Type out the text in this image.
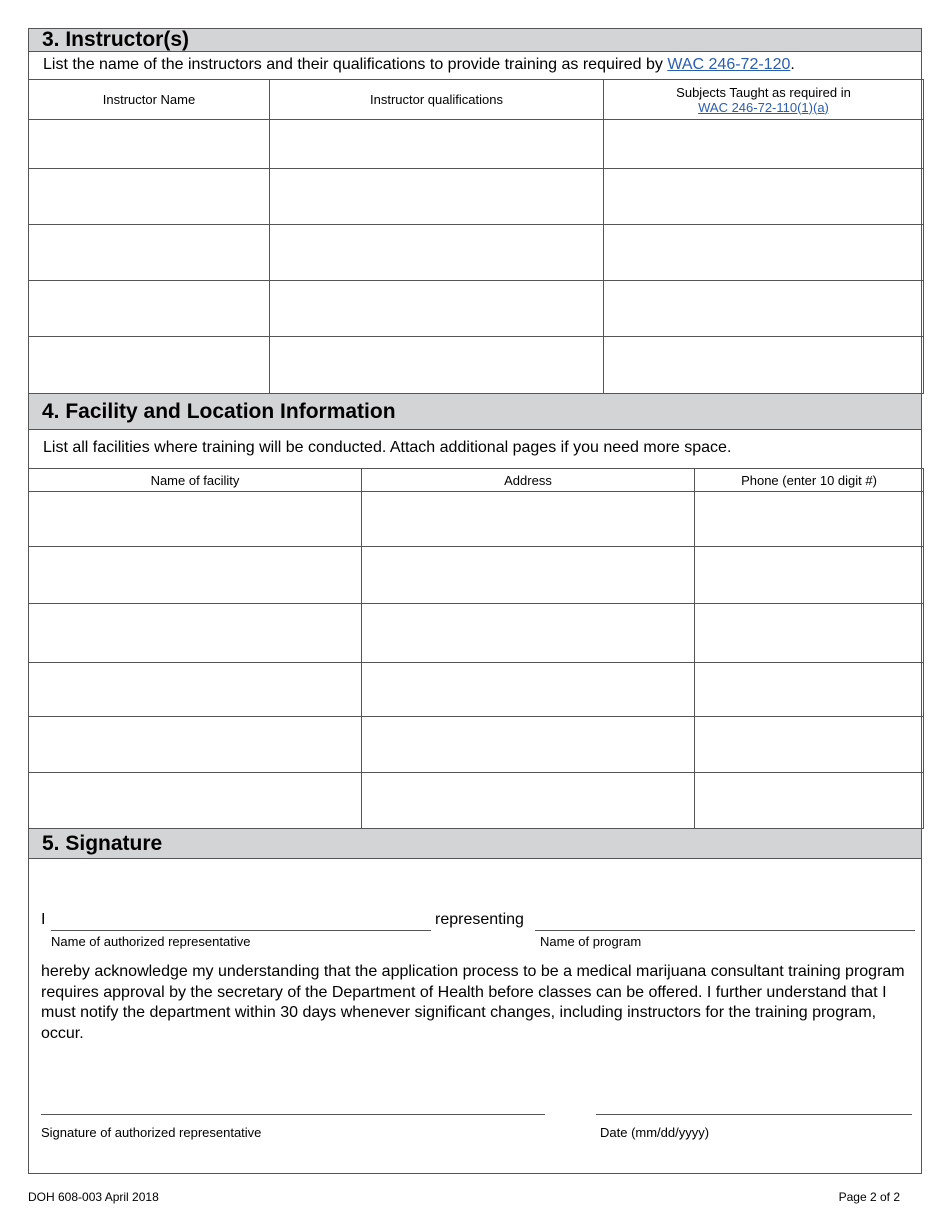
3. Instructor(s)
List the name of the instructors and their qualifications to provide training as required by WAC 246-72-120.
Instructor Name	Instructor qualifications	Subjects Taught as required in
WAC 246-72-110(1)(a)

4. Facility and Location Information
List all facilities where training will be conducted. Attach additional pages if you need more space.
Name of facility	Address	Phone (enter 10 digit #)

5. Signature
I	representing
Name of authorized representative	Name of program
hereby acknowledge my understanding that the application process to be a medical marijuana consultant training program requires approval by the secretary of the Department of Health before classes can be offered. I further understand that I must notify the department within 30 days whenever significant changes, including instructors for the training program, occur.
Signature of authorized representative	Date (mm/dd/yyyy)
DOH 608-003 April 2018	Page 2 of 2
